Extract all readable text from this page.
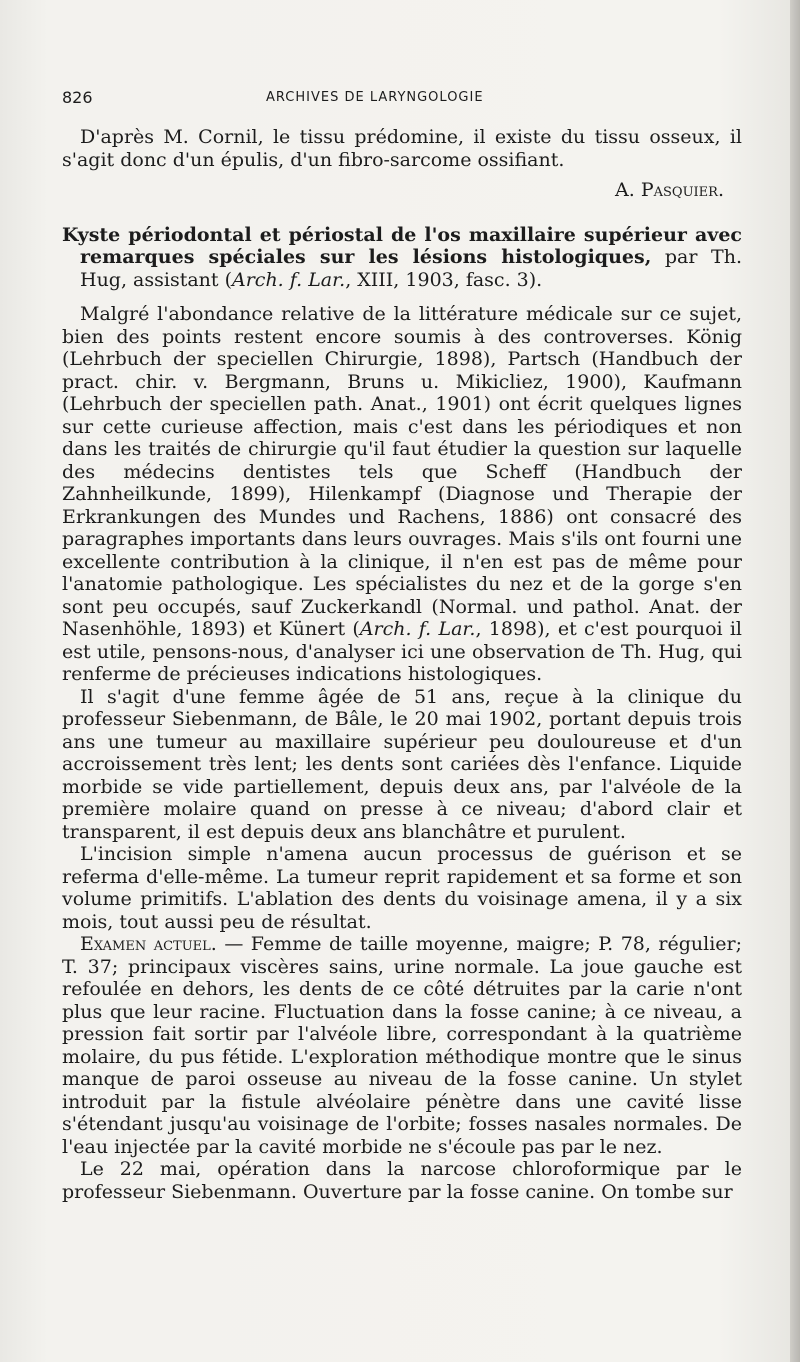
826	ARCHIVES DE LARYNGOLOGIE

D'après M. Cornil, le tissu prédomine, il existe du tissu osseux, il s'agit donc d'un épulis, d'un fibro-sarcome ossifiant.

A. Pasquier.

Kyste périodontal et périostal de l'os maxillaire supérieur avec remarques spéciales sur les lésions histologiques, par Th. Hug, assistant (Arch. f. Lar., XIII, 1903, fasc. 3).

Malgré l'abondance relative de la littérature médicale sur ce sujet, bien des points restent encore soumis à des controverses. König (Lehrbuch der speciellen Chirurgie, 1898), Partsch (Handbuch der pract. chir. v. Bergmann, Bruns u. Mikicliez, 1900), Kaufmann (Lehrbuch der speciellen path. Anat., 1901) ont écrit quelques lignes sur cette curieuse affection, mais c'est dans les périodiques et non dans les traités de chirurgie qu'il faut étudier la question sur laquelle des médecins dentistes tels que Scheff (Handbuch der Zahnheilkunde, 1899), Hilenkampf (Diagnose und Therapie der Erkrankungen des Mundes und Rachens, 1886) ont consacré des paragraphes importants dans leurs ouvrages. Mais s'ils ont fourni une excellente contribution à la clinique, il n'en est pas de même pour l'anatomie pathologique. Les spécialistes du nez et de la gorge s'en sont peu occupés, sauf Zuckerkandl (Normal. und pathol. Anat. der Nasenhöhle, 1893) et Künert (Arch. f. Lar., 1898), et c'est pourquoi il est utile, pensons-nous, d'analyser ici une observation de Th. Hug, qui renferme de précieuses indications histologiques.

Il s'agit d'une femme âgée de 51 ans, reçue à la clinique du professeur Siebenmann, de Bâle, le 20 mai 1902, portant depuis trois ans une tumeur au maxillaire supérieur peu douloureuse et d'un accroissement très lent; les dents sont cariées dès l'enfance. Liquide morbide se vide partiellement, depuis deux ans, par l'alvéole de la première molaire quand on presse à ce niveau; d'abord clair et transparent, il est depuis deux ans blanchâtre et purulent.

L'incision simple n'amena aucun processus de guérison et se referma d'elle-même. La tumeur reprit rapidement et sa forme et son volume primitifs. L'ablation des dents du voisinage amena, il y a six mois, tout aussi peu de résultat.

Examen actuel. — Femme de taille moyenne, maigre; P. 78, régulier; T. 37; principaux viscères sains, urine normale. La joue gauche est refoulée en dehors, les dents de ce côté détruites par la carie n'ont plus que leur racine. Fluctuation dans la fosse canine; à ce niveau, a pression fait sortir par l'alvéole libre, correspondant à la quatrième molaire, du pus fétide. L'exploration méthodique montre que le sinus manque de paroi osseuse au niveau de la fosse canine. Un stylet introduit par la fistule alvéolaire pénètre dans une cavité lisse s'étendant jusqu'au voisinage de l'orbite; fosses nasales normales. De l'eau injectée par la cavité morbide ne s'écoule pas par le nez.

Le 22 mai, opération dans la narcose chloroformique par le professeur Siebenmann. Ouverture par la fosse canine. On tombe sur
